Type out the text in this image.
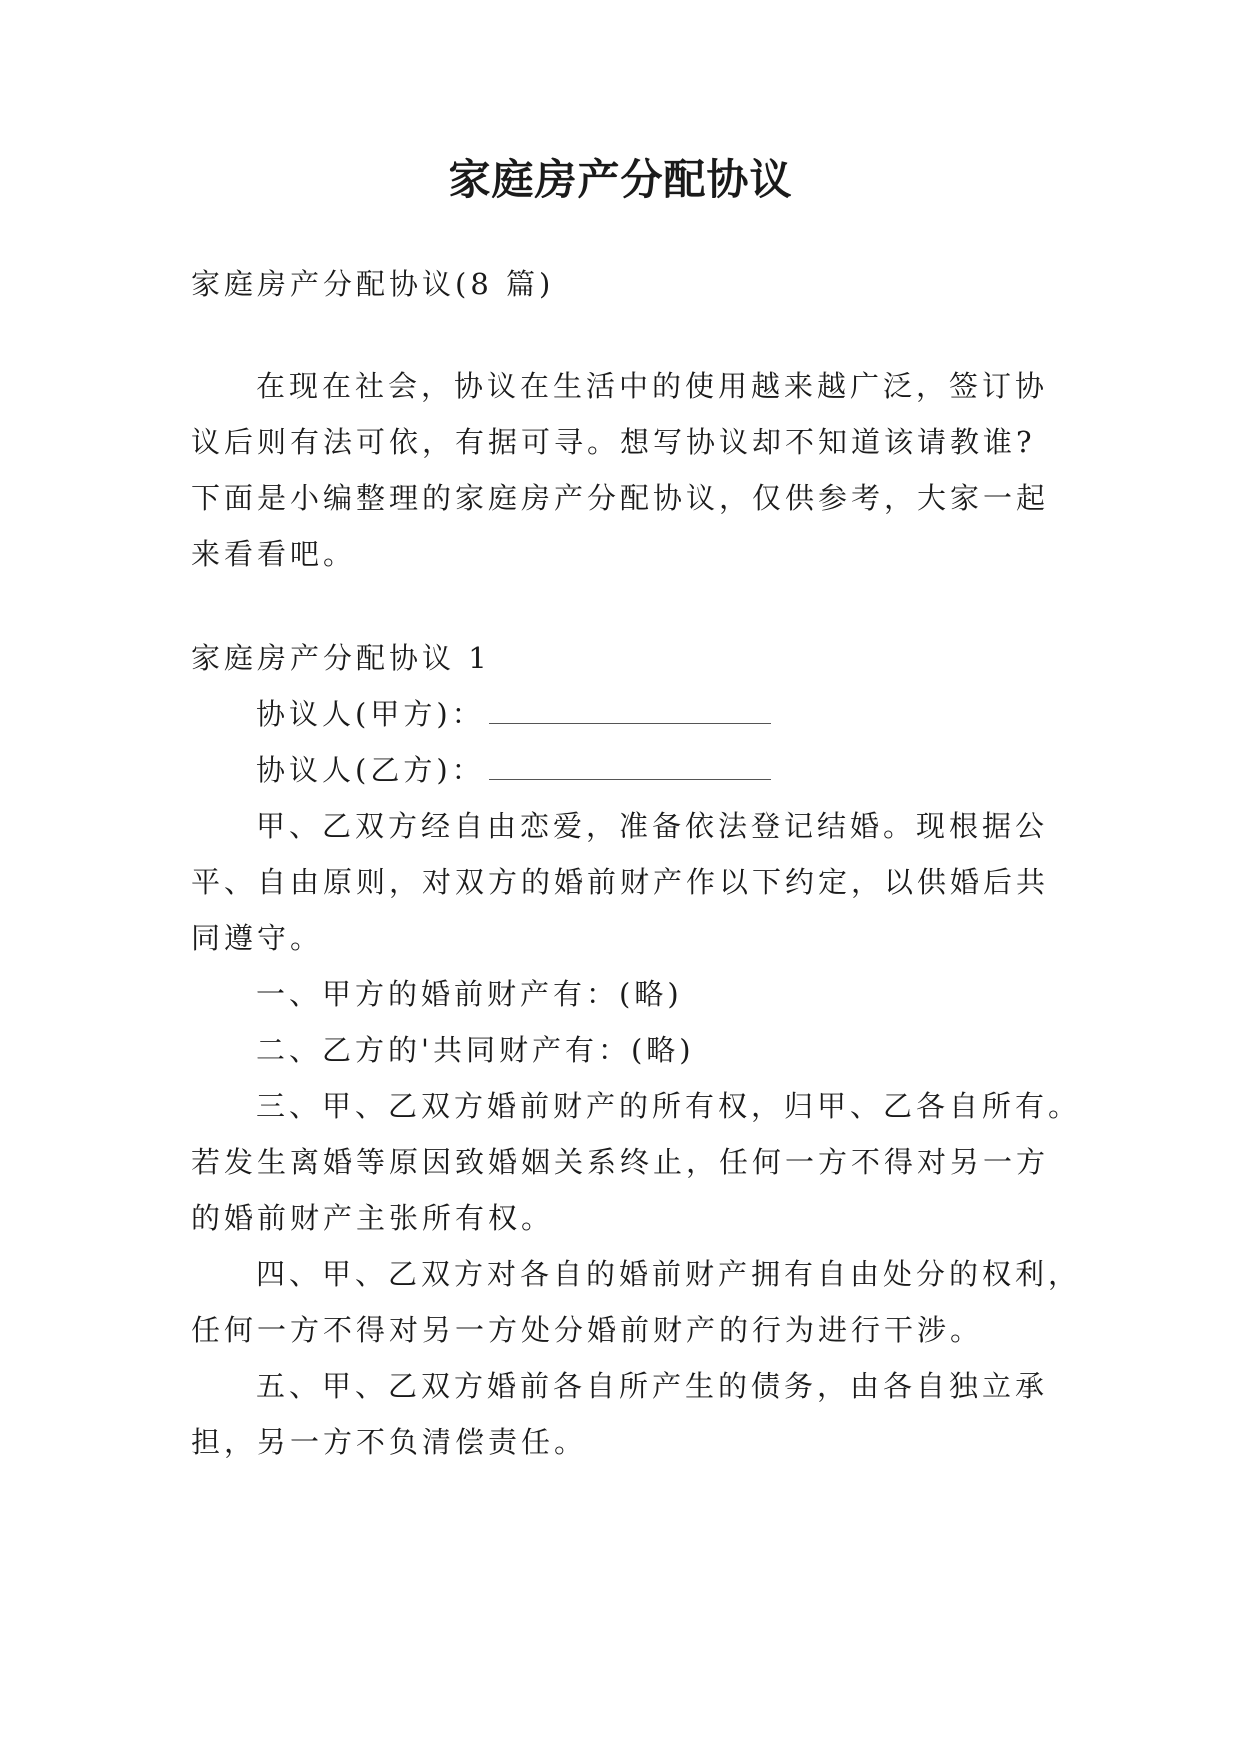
家庭房产分配协议

家庭房产分配协议(8 篇)

在现在社会，协议在生活中的使用越来越广泛，签订协

议后则有法可依，有据可寻。想写协议却不知道该请教谁?

下面是小编整理的家庭房产分配协议，仅供参考，大家一起

来看看吧。

家庭房产分配协议 1

协议人(甲方)：

协议人(乙方)：

甲、乙双方经自由恋爱，准备依法登记结婚。现根据公

平、自由原则，对双方的婚前财产作以下约定，以供婚后共

同遵守。

一、甲方的婚前财产有：(略)

二、乙方的'共同财产有：(略)

三、甲、乙双方婚前财产的所有权，归甲、乙各自所有。

若发生离婚等原因致婚姻关系终止，任何一方不得对另一方

的婚前财产主张所有权。

四、甲、乙双方对各自的婚前财产拥有自由处分的权利，

任何一方不得对另一方处分婚前财产的行为进行干涉。

五、甲、乙双方婚前各自所产生的债务，由各自独立承

担，另一方不负清偿责任。
